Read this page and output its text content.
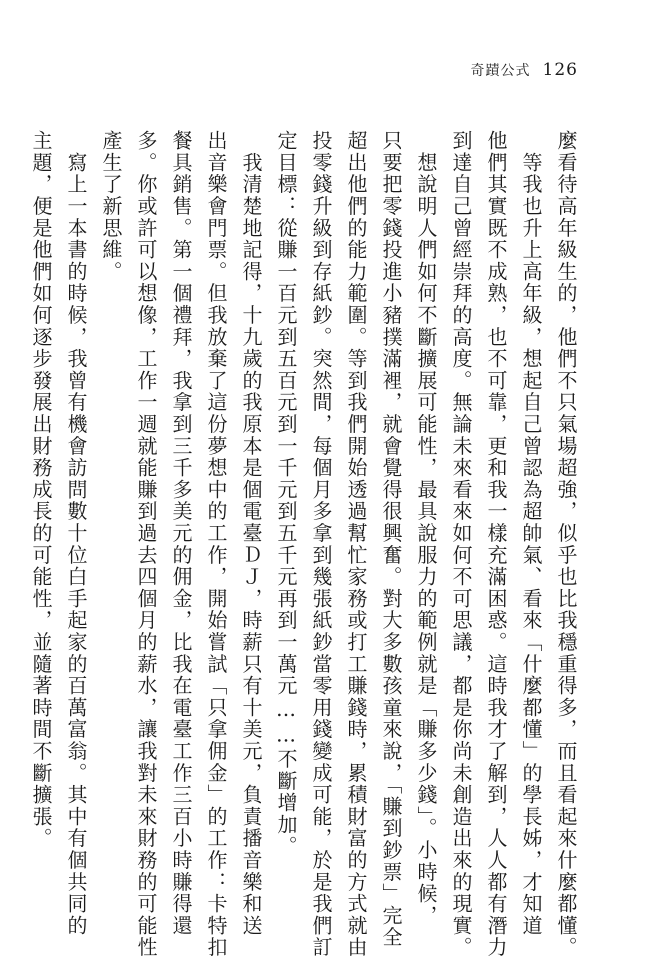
奇蹟公式 126
麼看待高年級生的，他們不只氣場超強，似乎也比我穩重得多，而且看起來什麼都懂。
　等我也升上高年級，想起自己曾認為超帥氣、看來「什麼都懂」的學長姊，才知道
他們其實既不成熟，也不可靠，更和我一樣充滿困惑。這時我才了解到，人人都有潛力
到達自己曾經崇拜的高度。無論未來看來如何不可思議，都是你尚未創造出來的現實。
　想說明人們如何不斷擴展可能性，最具說服力的範例就是「賺多少錢」。小時候，
只要把零錢投進小豬撲滿裡，就會覺得很興奮。對大多數孩童來說，「賺到鈔票」完全
超出他們的能力範圍。等到我們開始透過幫忙家務或打工賺錢時，累積財富的方式就由
投零錢升級到存紙鈔。突然間，每個月多拿到幾張紙鈔當零用錢變成可能，於是我們訂
定目標：從賺一百元到五百元到一千元到五千元再到一萬元……不斷增加。
　我清楚地記得，十九歲的我原本是個電臺ＤＪ，時薪只有十美元，負責播音樂和送
出音樂會門票。但我放棄了這份夢想中的工作，開始嘗試「只拿佣金」的工作：卡特扣
餐具銷售。第一個禮拜，我拿到三千多美元的佣金，比我在電臺工作三百小時賺得還
多。你或許可以想像，工作一週就能賺到過去四個月的薪水，讓我對未來財務的可能性
產生了新思維。
　寫上一本書的時候，我曾有機會訪問數十位白手起家的百萬富翁。其中有個共同的
主題，便是他們如何逐步發展出財務成長的可能性，並隨著時間不斷擴張。
